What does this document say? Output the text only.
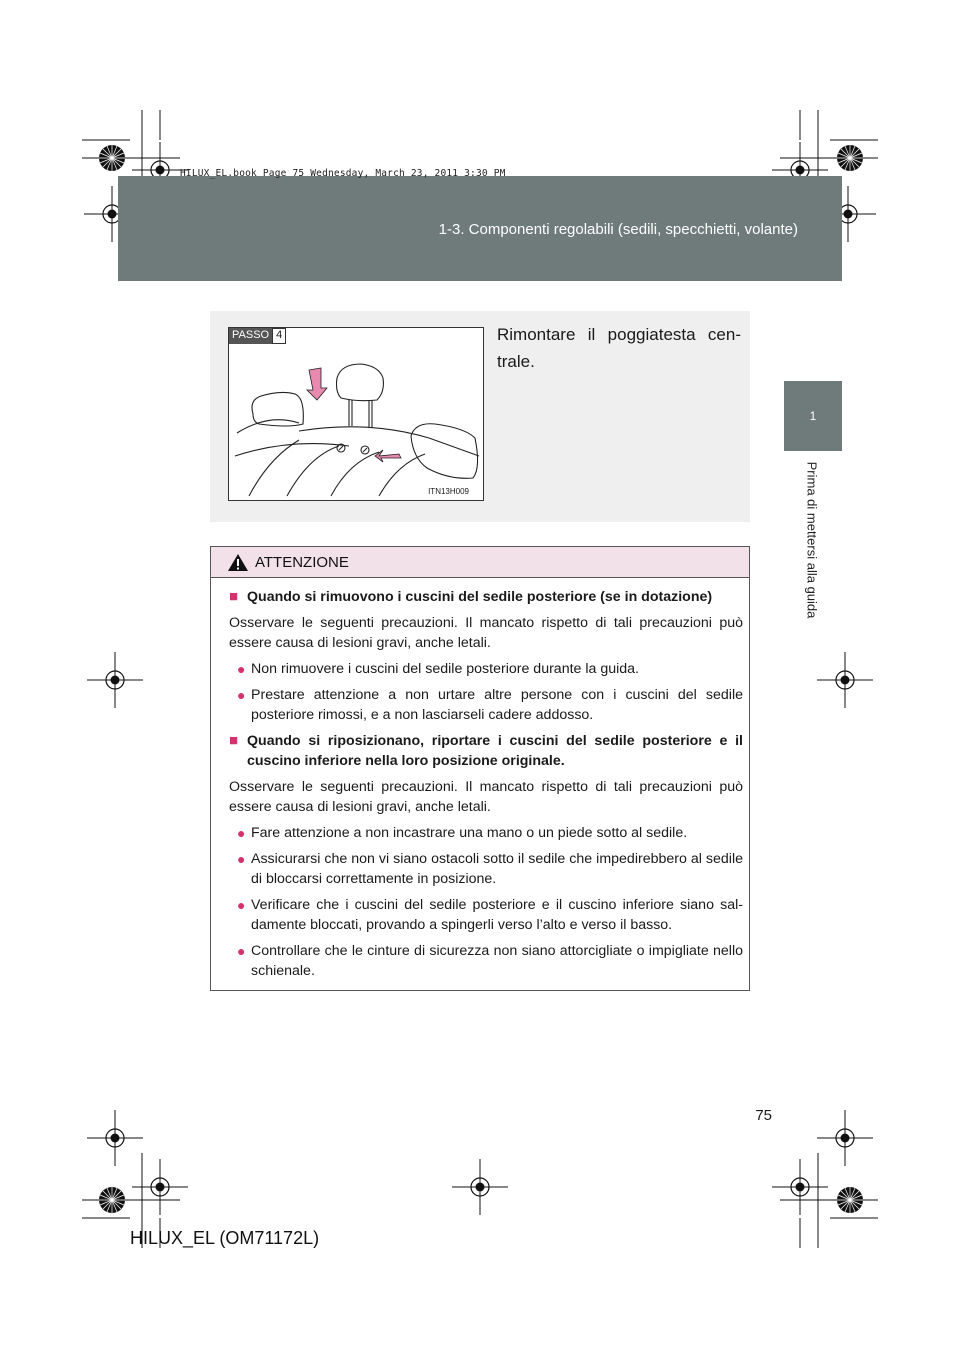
1-3. Componenti regolabili (sedili, specchietti, volante)
HILUX_EL.book Page 75 Wednesday, March 23, 2011 3:30 PM
1
Prima di mettersi alla guida
PASSO 4
ITN13H009
Rimontare il poggiatesta cen-trale.
ATTENZIONE
■ Quando si rimuovono i cuscini del sedile posteriore (se in dotazione)
Osservare le seguenti precauzioni. Il mancato rispetto di tali precauzioni può essere causa di lesioni gravi, anche letali.
● Non rimuovere i cuscini del sedile posteriore durante la guida.
● Prestare attenzione a non urtare altre persone con i cuscini del sedile posteriore rimossi, e a non lasciarseli cadere addosso.
■ Quando si riposizionano, riportare i cuscini del sedile posteriore e il cuscino inferiore nella loro posizione originale.
Osservare le seguenti precauzioni. Il mancato rispetto di tali precauzioni può essere causa di lesioni gravi, anche letali.
● Fare attenzione a non incastrare una mano o un piede sotto al sedile.
● Assicurarsi che non vi siano ostacoli sotto il sedile che impedirebbero al sedile di bloccarsi correttamente in posizione.
● Verificare che i cuscini del sedile posteriore e il cuscino inferiore siano sal-damente bloccati, provando a spingerli verso l’alto e verso il basso.
● Controllare che le cinture di sicurezza non siano attorcigliate o impigliate nello schienale.
75
HILUX_EL (OM71172L)
